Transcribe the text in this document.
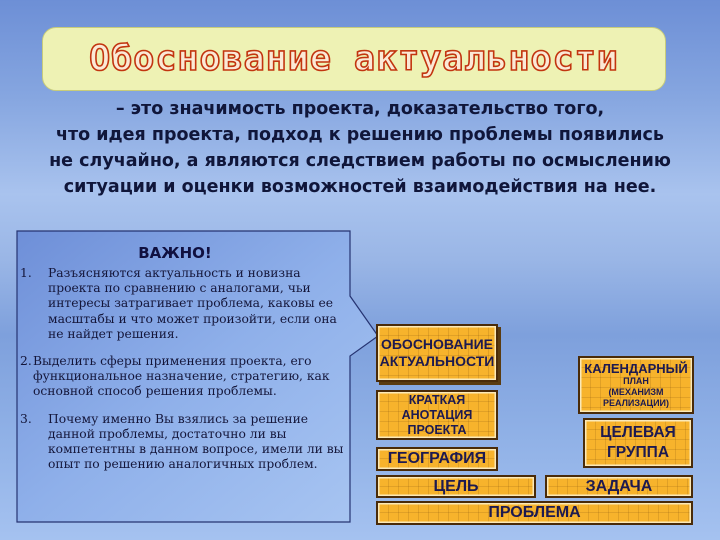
Обоснование актуальности
– это значимость проекта, доказательство того,
что идея проекта, подход к решению проблемы появились
не случайно, а являются следствием работы по осмыслению
ситуации и оценки возможностей взаимодействия на нее.
ВАЖНО!
1.	Разъясняются актуальность и новизна проекта по сравнению с аналогами, чьи интересы затрагивает проблема, каковы ее масштабы и что может произойти, если она не найдет решения.
2. Выделить сферы применения проекта, его функциональное назначение, стратегию, как основной способ решения проблемы.
3.	Почему именно Вы взялись за решение данной проблемы, достаточно ли вы компетентны в данном вопросе, имели ли вы опыт по решению аналогичных проблем.
ОБОСНОВАНИЕ
АКТУАЛЬНОСТИ	КАЛЕНДАРНЫЙ
ПЛАН
(МЕХАНИЗМ
РЕАЛИЗАЦИИ)
КРАТКАЯ
АНОТАЦИЯ
ПРОЕКТА
ГЕОГРАФИЯ
ЦЕЛЕВАЯ
ГРУППА
ЦЕЛЬ	ЗАДАЧА
ПРОБЛЕМА
